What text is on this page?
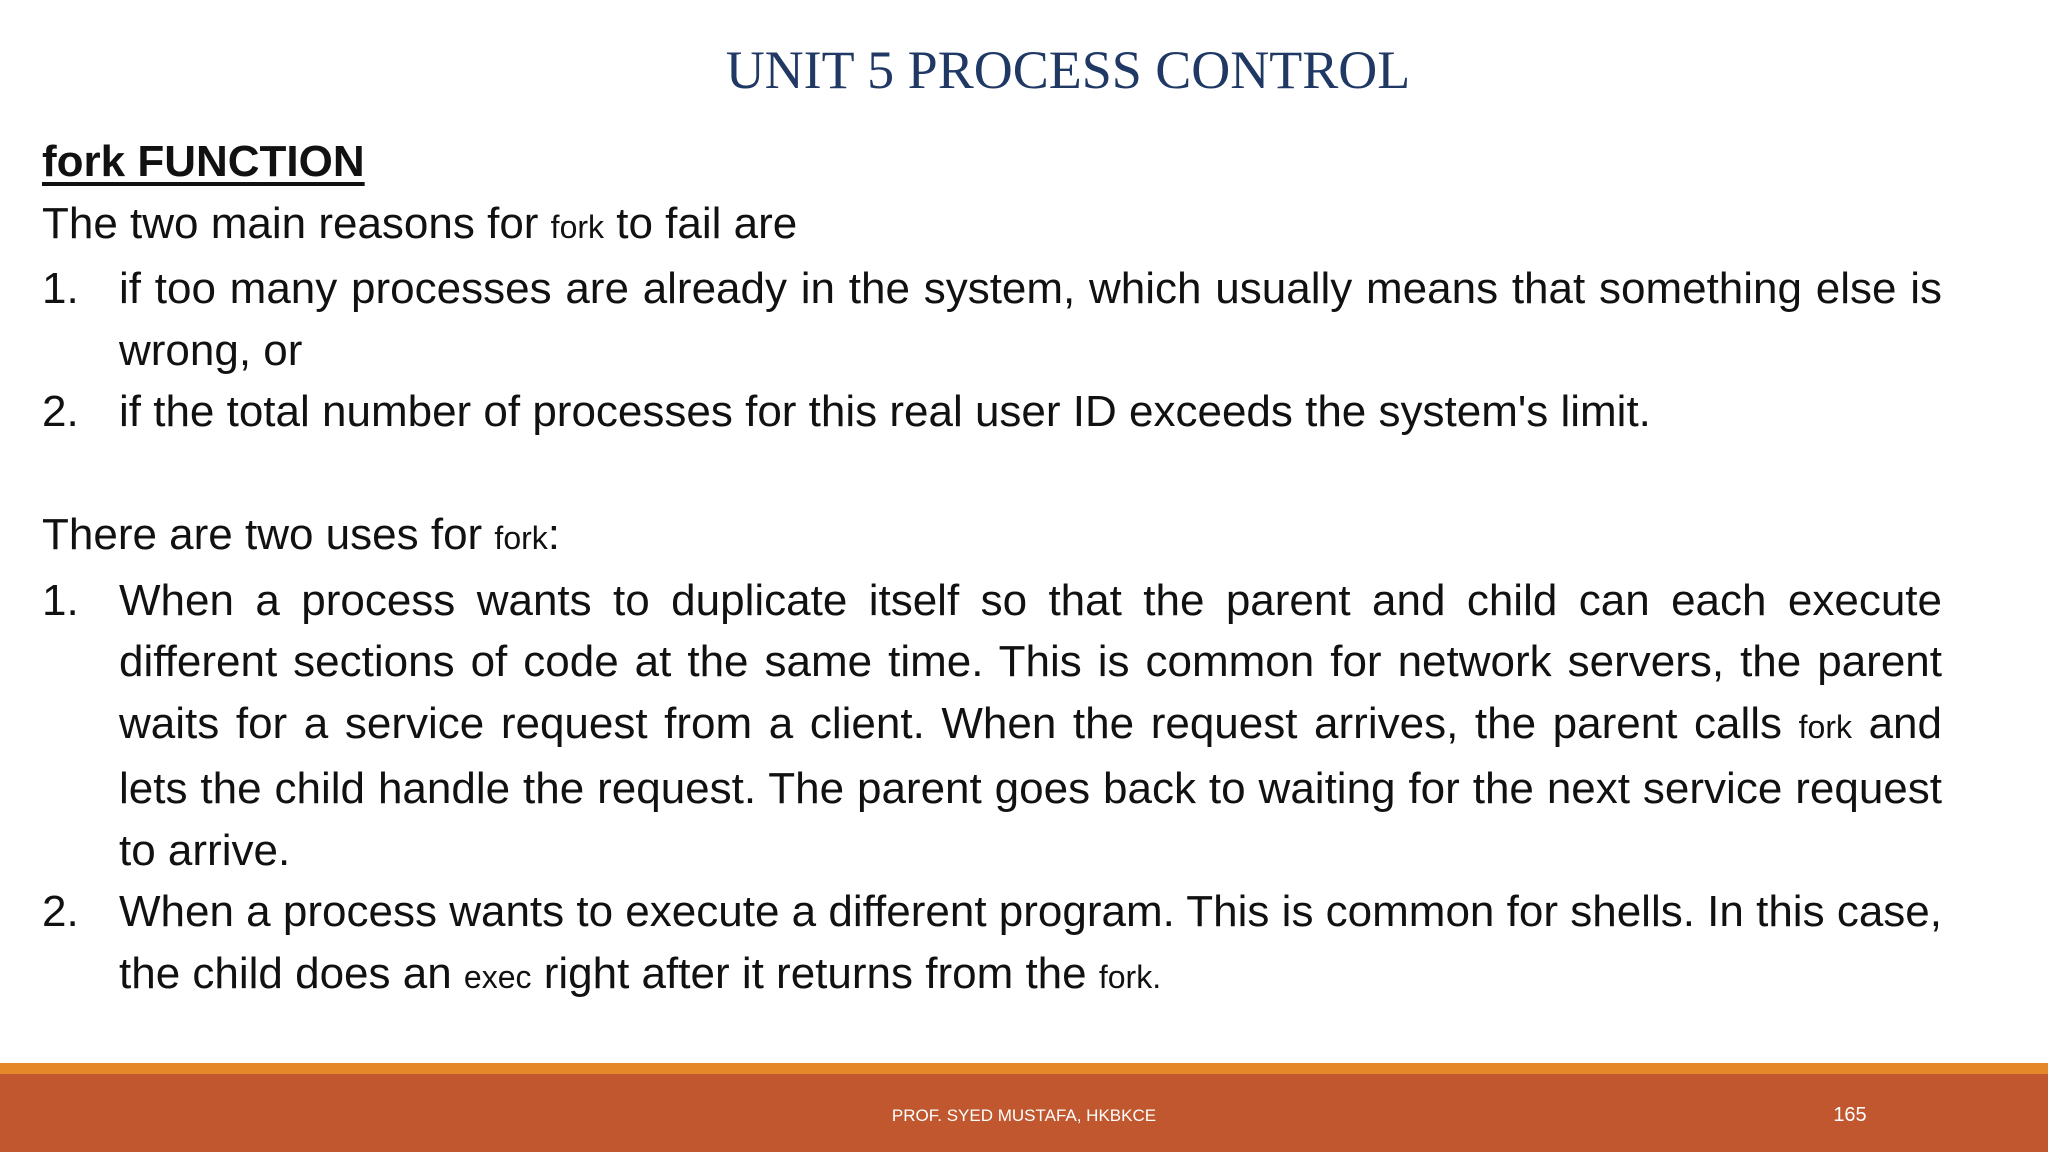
UNIT 5 PROCESS CONTROL
fork FUNCTION
The two main reasons for fork to fail are
1. if too many processes are already in the system, which usually means that something else is wrong, or
2. if the total number of processes for this real user ID exceeds the system's limit.
There are two uses for fork:
1. When a process wants to duplicate itself so that the parent and child can each execute different sections of code at the same time. This is common for network servers, the parent waits for a service request from a client. When the request arrives, the parent calls fork and lets the child handle the request. The parent goes back to waiting for the next service request to arrive.
2. When a process wants to execute a different program. This is common for shells. In this case, the child does an exec right after it returns from the fork.
PROF. SYED MUSTAFA, HKBKCE	165
